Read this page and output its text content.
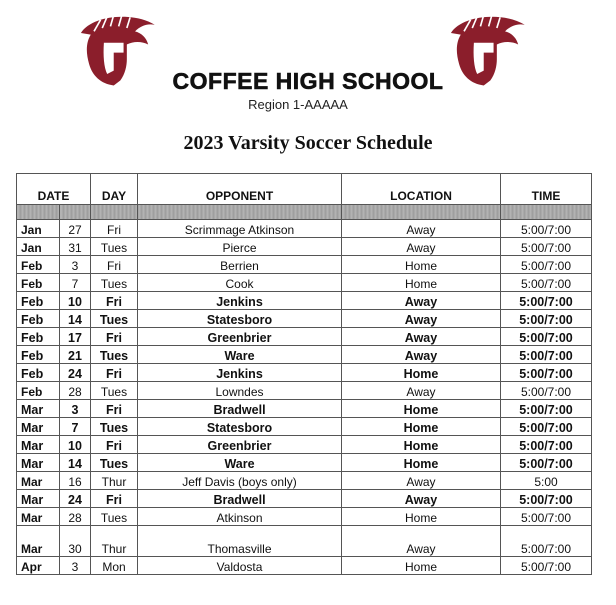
COFFEE HIGH SCHOOL
Region 1-AAAAA
2023 Varsity Soccer Schedule
DATE		DAY	OPPONENT	LOCATION	TIME

Jan	27	Fri	Scrimmage Atkinson	Away	5:00/7:00
Jan	31	Tues	Pierce	Away	5:00/7:00
Feb	3	Fri	Berrien	Home	5:00/7:00
Feb	7	Tues	Cook	Home	5:00/7:00
Feb	10	Fri	Jenkins	Away	5:00/7:00
Feb	14	Tues	Statesboro	Away	5:00/7:00
Feb	17	Fri	Greenbrier	Away	5:00/7:00
Feb	21	Tues	Ware	Away	5:00/7:00
Feb	24	Fri	Jenkins	Home	5:00/7:00
Feb	28	Tues	Lowndes	Away	5:00/7:00
Mar	3	Fri	Bradwell	Home	5:00/7:00
Mar	7	Tues	Statesboro	Home	5:00/7:00
Mar	10	Fri	Greenbrier	Home	5:00/7:00
Mar	14	Tues	Ware	Home	5:00/7:00
Mar	16	Thur	Jeff Davis (boys only)	Away	5:00
Mar	24	Fri	Bradwell	Away	5:00/7:00
Mar	28	Tues	Atkinson	Home	5:00/7:00
Mar	30	Thur	Thomasville	Away	5:00/7:00
Apr	3	Mon	Valdosta	Home	5:00/7:00
